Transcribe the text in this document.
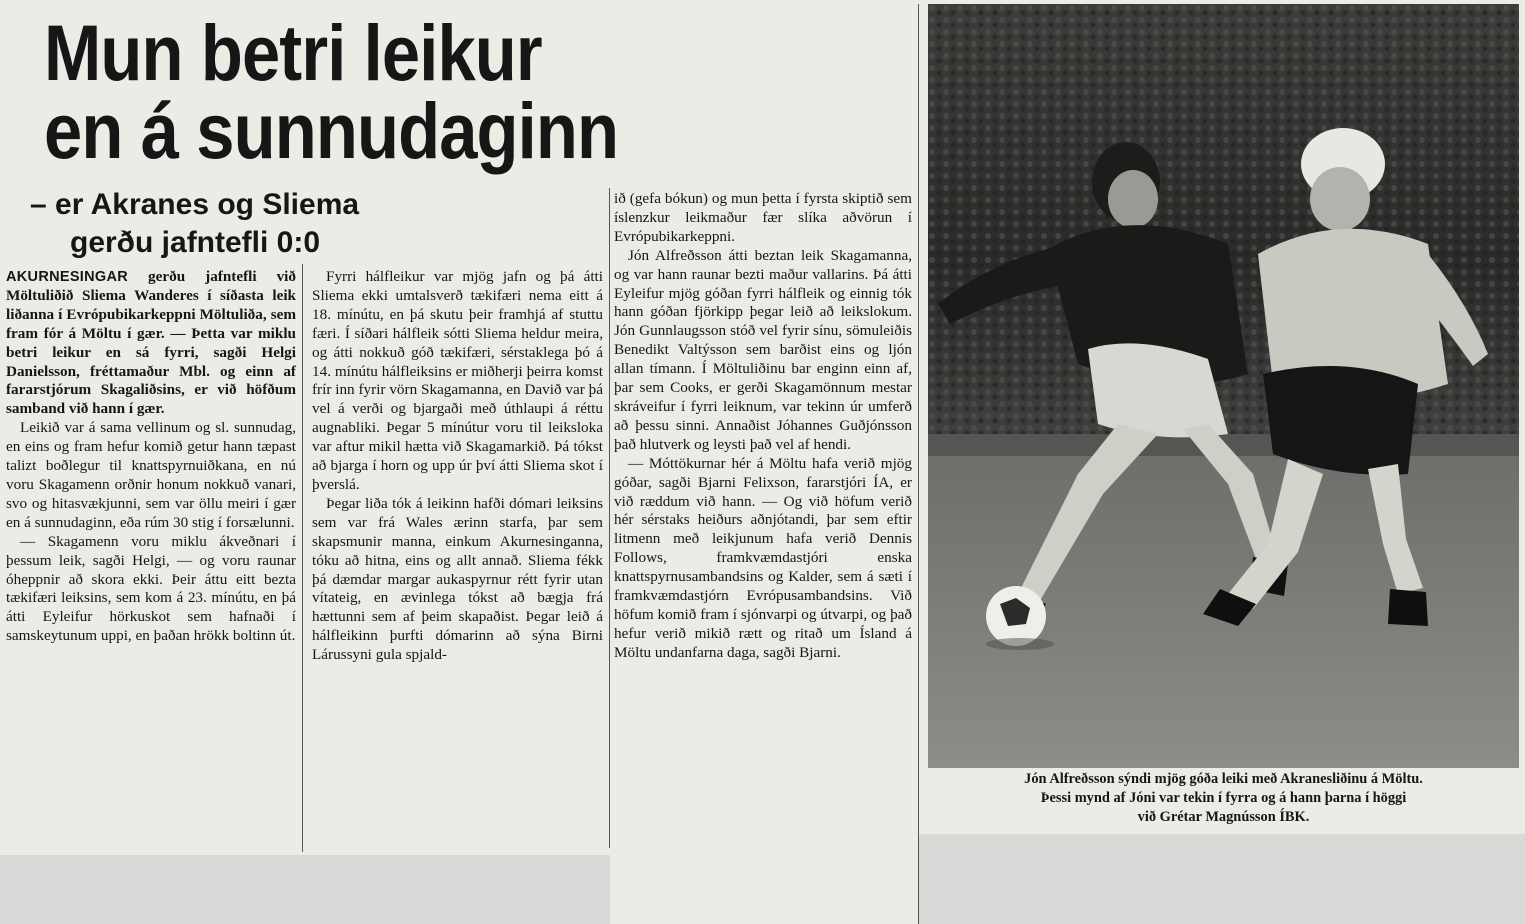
Mun betri leikur
en á sunnudaginn
– er Akranes og Sliema
gerðu jafntefli 0:0

AKURNESINGAR gerðu jafntefli við Möltuliðið Sliema Wanderes í síðasta leik liðanna í Evrópubikarkeppni Möltuliða, sem fram fór á Möltu í gær. — Þetta var miklu betri leikur en sá fyrri, sagði Helgi Danielsson, fréttamaður Mbl. og einn af fararstjórum Skagaliðsins, er við höfðum samband við hann í gær.

Leikið var á sama vellinum og sl. sunnudag, en eins og fram hefur komið getur hann tæpast talizt boðlegur til knattspyrnuiðkana, en nú voru Skagamenn orðnir honum nokkuð vanari, svo og hitasvækjunni, sem var öllu meiri í gær en á sunnudaginn, eða rúm 30 stig í forsælunni.

— Skagamenn voru miklu ákveðnari í þessum leik, sagði Helgi, — og voru raunar óheppnir að skora ekki. Þeir áttu eitt bezta tækifæri leiksins, sem kom á 23. mínútu, en þá átti Eyleifur hörkuskot sem hafnaði í samskeytunum uppi, en þaðan hrökk boltinn út.

Fyrri hálfleikur var mjög jafn og þá átti Sliema ekki umtalsverð tækifæri nema eitt á 18. mínútu, en þá skutu þeir framhjá af stuttu færi. Í síðari hálfleik sótti Sliema heldur meira, og átti nokkuð góð tækifæri, sérstaklega þó á 14. mínútu hálfleiksins er miðherji þeirra komst frír inn fyrir vörn Skagamanna, en Davið var þá vel á verði og bjargaði með úthlaupi á réttu augnabliki. Þegar 5 mínútur voru til leiksloka var aftur mikil hætta við Skagamarkið. Þá tókst að bjarga í horn og upp úr því átti Sliema skot í þverslá.

Þegar liða tók á leikinn hafði dómari leiksins sem var frá Wales ærinn starfa, þar sem skapsmunir manna, einkum Akurnesinganna, tóku að hitna, eins og allt annað. Sliema fékk þá dæmdar margar aukaspyrnur rétt fyrir utan vítateig, en ævinlega tókst að bægja frá hættunni sem af þeim skapaðist. Þegar leið á hálfleikinn þurfti dómarinn að sýna Birni Lárussyni gula spjald-

ið (gefa bókun) og mun þetta í fyrsta skiptið sem íslenzkur leikmaður fær slíka aðvörun í Evrópubikarkeppni.

Jón Alfreðsson átti beztan leik Skagamanna, og var hann raunar bezti maður vallarins. Þá átti Eyleifur mjög góðan fyrri hálfleik og einnig tók hann góðan fjörkipp þegar leið að leikslokum. Jón Gunnlaugsson stóð vel fyrir sínu, sömuleiðis Benedikt Valtýsson sem barðist eins og ljón allan tímann. Í Möltuliðinu bar enginn einn af, þar sem Cooks, er gerði Skagamönnum mestar skráveifur í fyrri leiknum, var tekinn úr umferð að þessu sinni. Annaðist Jóhannes Guðjónsson það hlutverk og leysti það vel af hendi.

— Móttökurnar hér á Möltu hafa verið mjög góðar, sagði Bjarni Felixson, fararstjóri ÍA, er við ræddum við hann. — Og við höfum verið hér sérstaks heiðurs aðnjótandi, þar sem eftir litmenn með leikjunum hafa verið Dennis Follows, framkvæmdastjóri enska knattspyrnusambandsins og Kalder, sem á sæti í framkvæmdastjórn Evrópusambandsins. Við höfum komið fram í sjónvarpi og útvarpi, og það hefur verið mikið rætt og ritað um Ísland á Möltu undanfarna daga, sagði Bjarni.

Jón Alfreðsson sýndi mjög góða leiki með Akranesliðinu á Möltu.
Þessi mynd af Jóni var tekin í fyrra og á hann þarna í höggi
við Grétar Magnússon ÍBK.
